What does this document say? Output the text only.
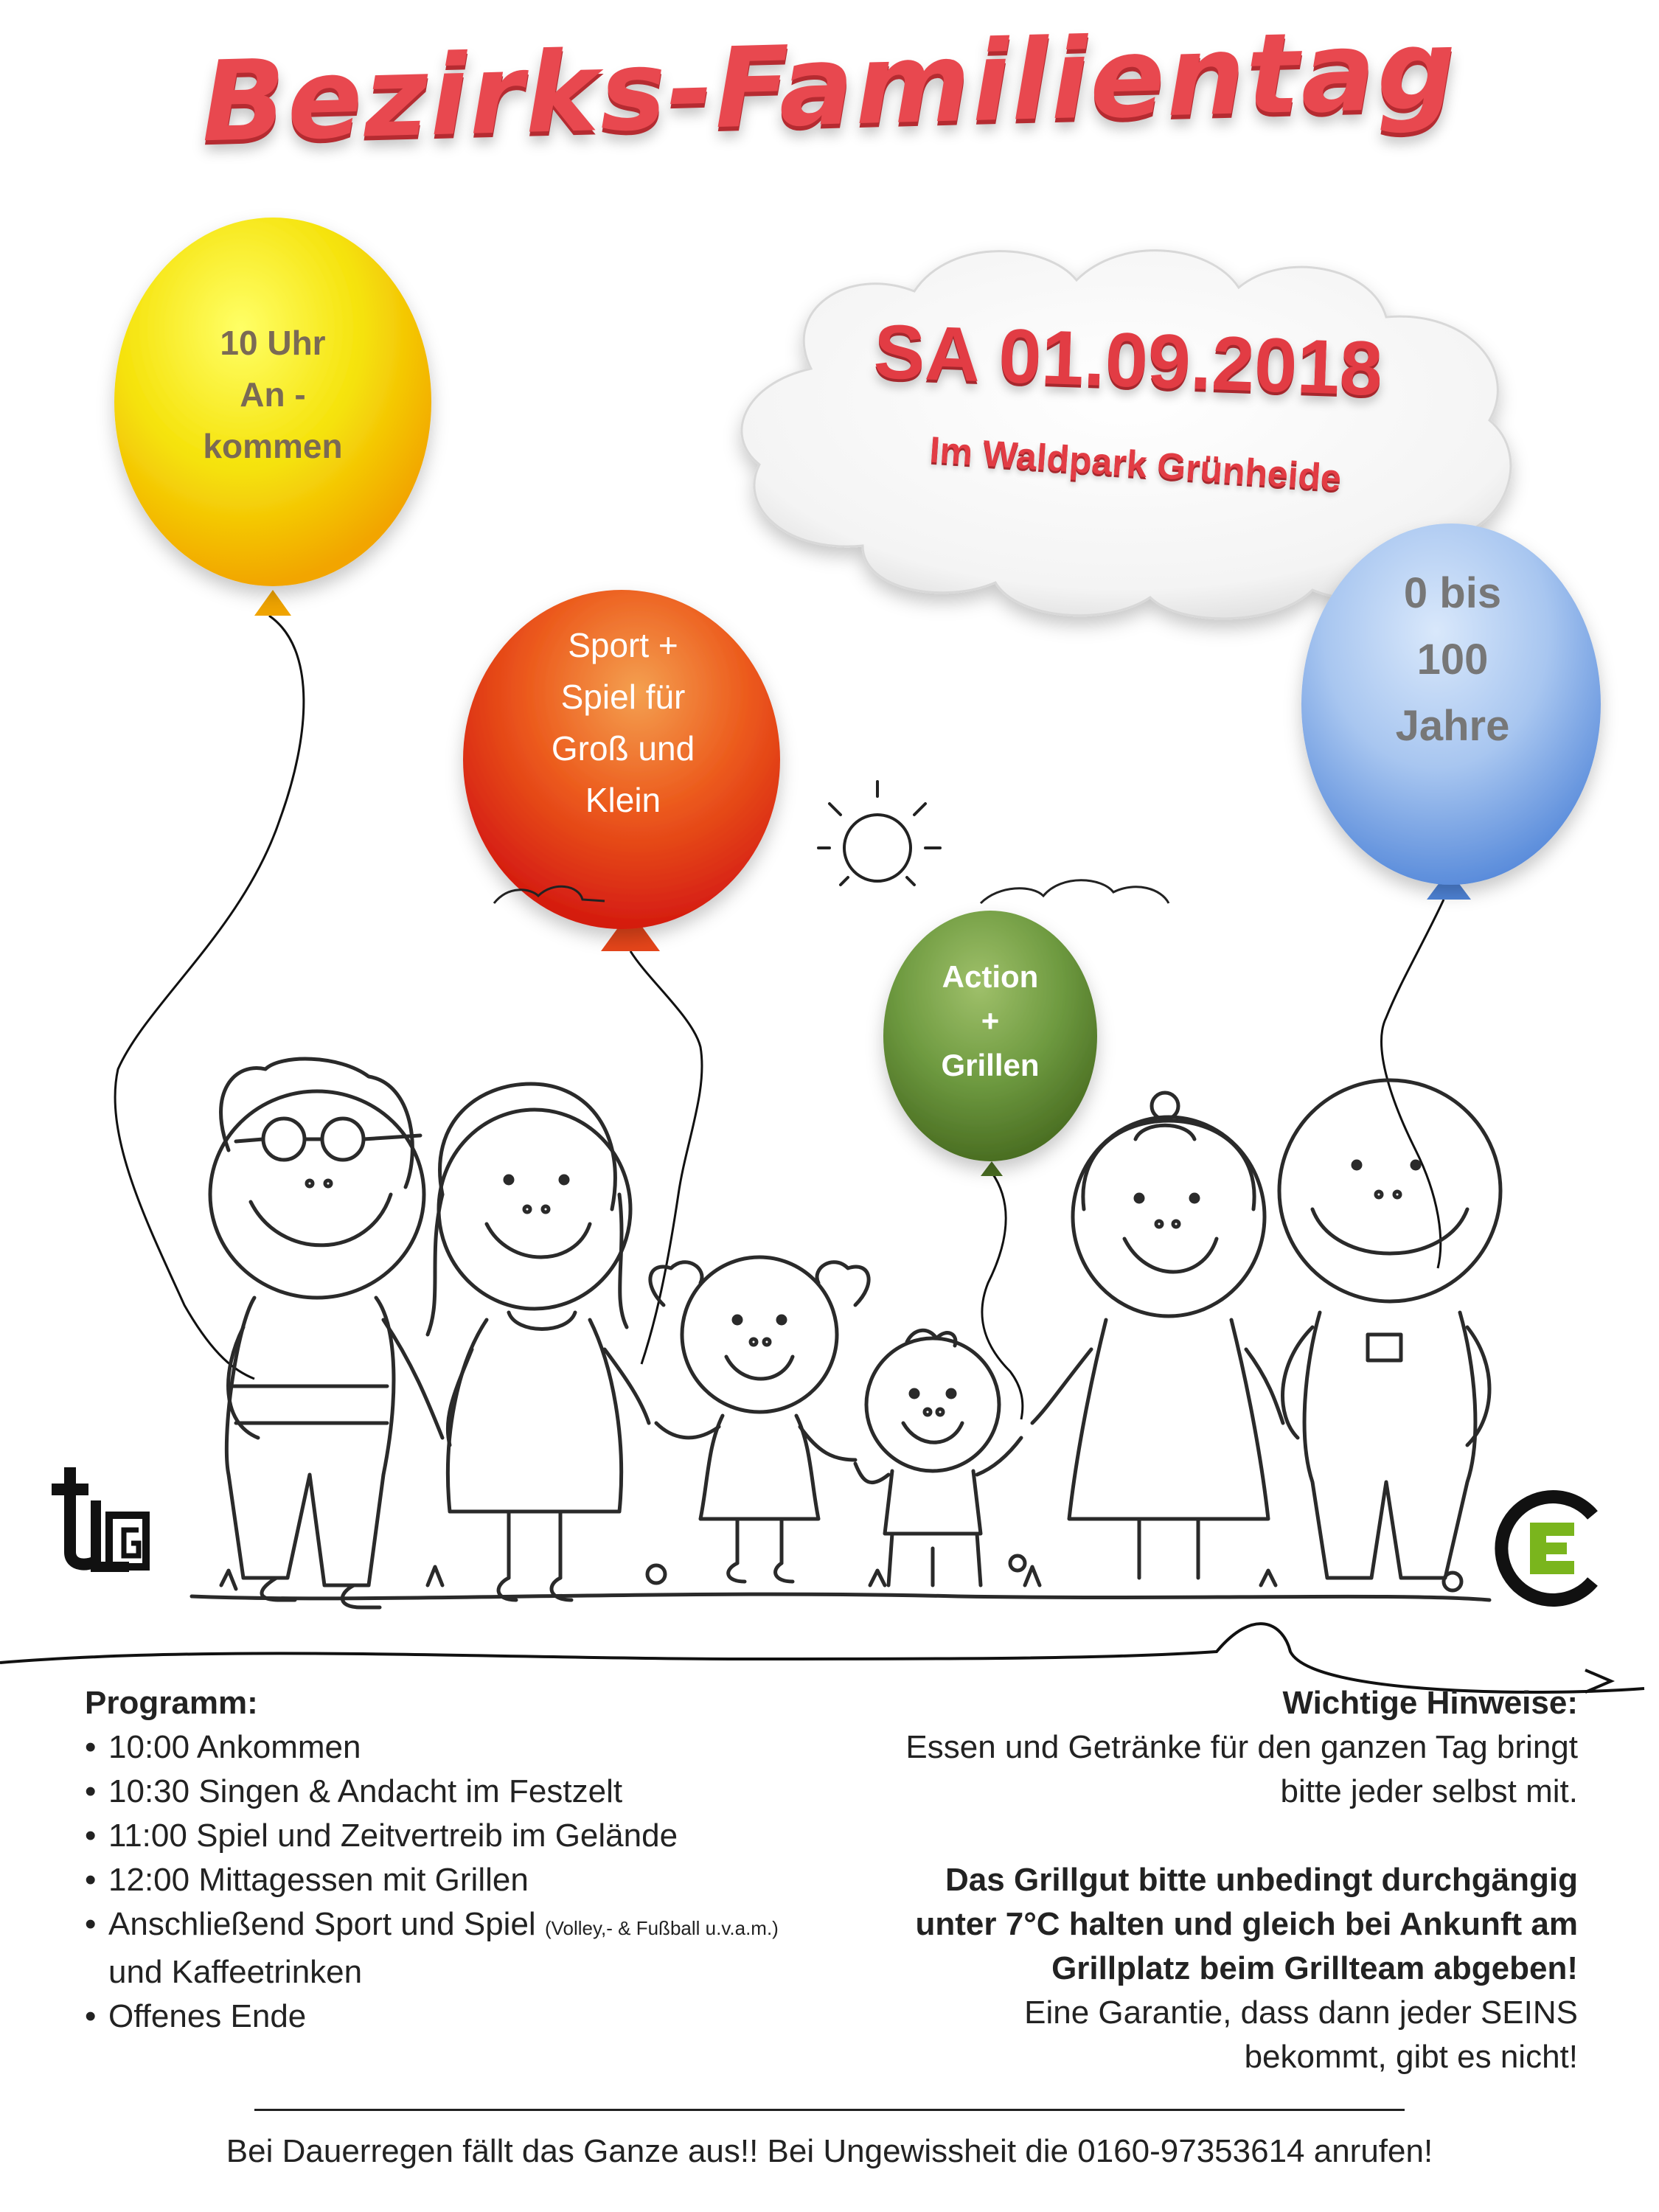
Bezirks-Familientag
SA 01.09.2018
Im Waldpark Grünheide
10 Uhr
An -
kommen
Sport +
Spiel für
Groß und
Klein
Action
+
Grillen
0 bis
100
Jahre
Programm:
• 10:00 Ankommen
• 10:30 Singen & Andacht im Festzelt
• 11:00 Spiel und Zeitvertreib im Gelände
• 12:00 Mittagessen mit Grillen
• Anschließend Sport und Spiel (Volley,- & Fußball u.v.a.m.)
und Kaffeetrinken
• Offenes Ende
Wichtige Hinweise:
Essen und Getränke für den ganzen Tag bringt
bitte jeder selbst mit.
Das Grillgut bitte unbedingt durchgängig
unter 7°C halten und gleich bei Ankunft am
Grillplatz beim Grillteam abgeben!
Eine Garantie, dass dann jeder SEINS
bekommt, gibt es nicht!
Bei Dauerregen fällt das Ganze aus!! Bei Ungewissheit die 0160-97353614 anrufen!
